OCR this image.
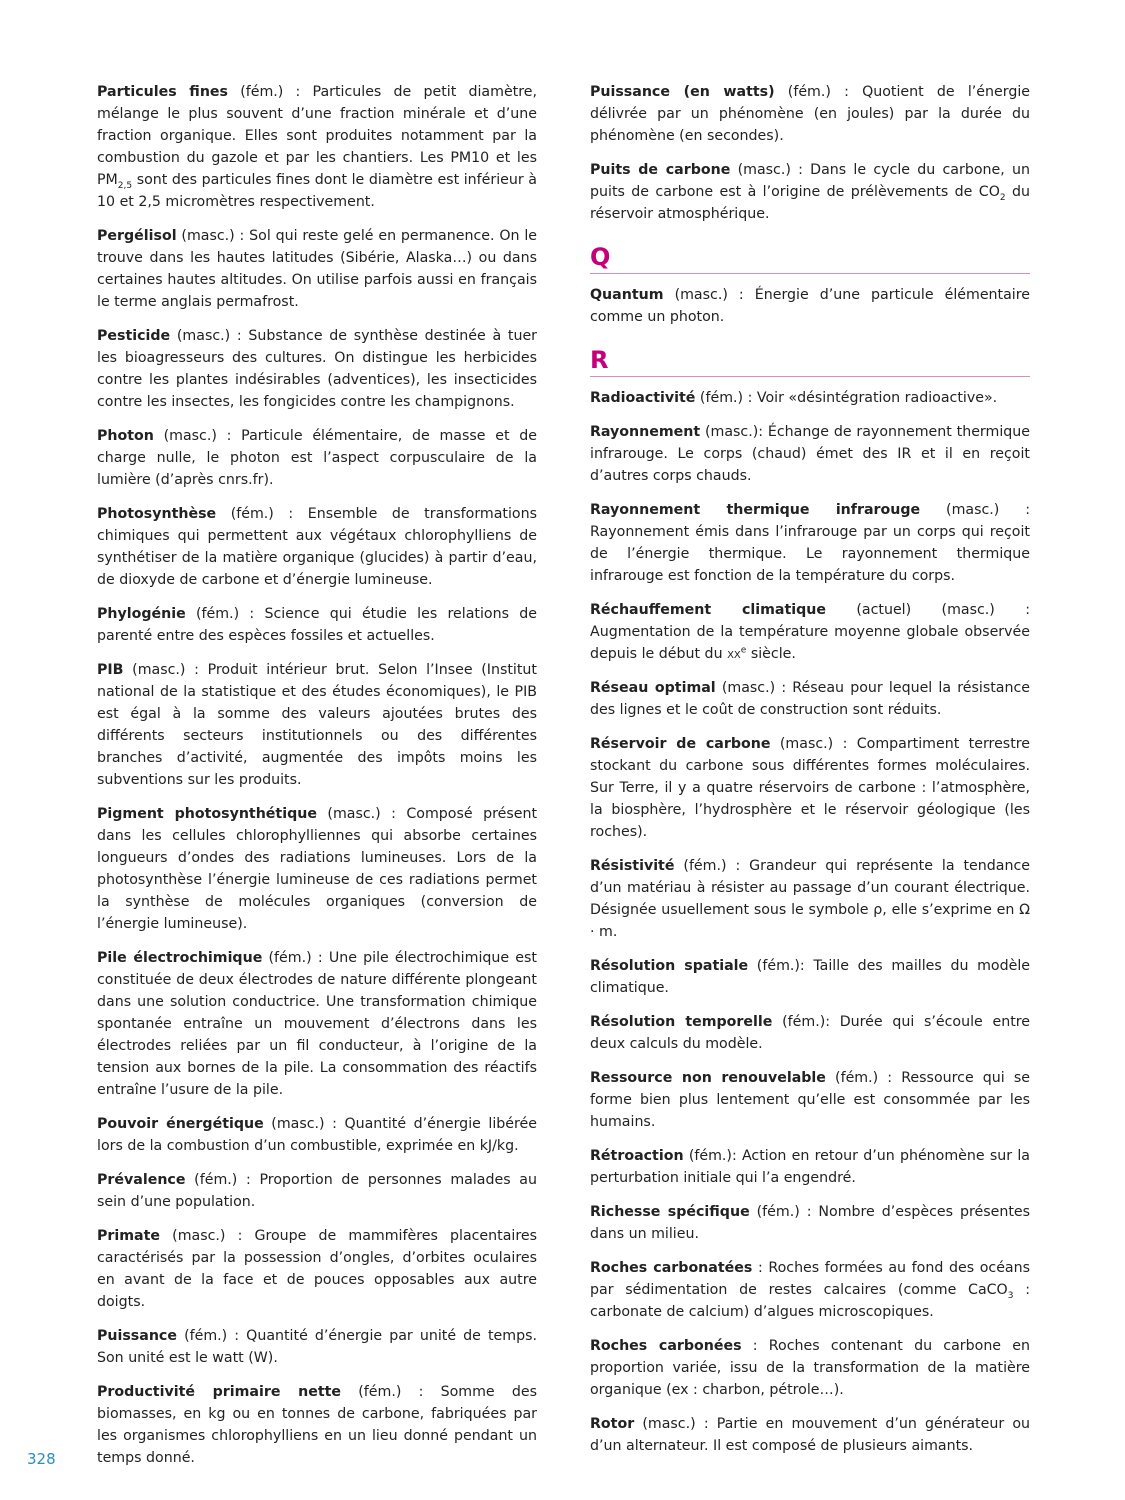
Particules fines (fém.) : Particules de petit diamètre, mélange le plus souvent d’une fraction minérale et d’une fraction organique. Elles sont produites notamment par la combustion du gazole et par les chantiers. Les PM10 et les $PM_{2,5}$ sont des particules fines dont le diamètre est inférieur à 10 et 2,5 micromètres respectivement.

Pergélisol (masc.) : Sol qui reste gelé en permanence. On le trouve dans les hautes latitudes (Sibérie, Alaska…) ou dans certaines hautes altitudes. On utilise parfois aussi en français le terme anglais permafrost.

Pesticide (masc.) : Substance de synthèse destinée à tuer les bioagresseurs des cultures. On distingue les herbicides contre les plantes indésirables (adventices), les insecticides contre les insectes, les fongicides contre les champignons.

Photon (masc.) : Particule élémentaire, de masse et de charge nulle, le photon est l’aspect corpusculaire de la lumière (d’après cnrs.fr).

Photosynthèse (fém.) : Ensemble de transformations chimiques qui permettent aux végétaux chlorophylliens de synthétiser de la matière organique (glucides) à partir d’eau, de dioxyde de carbone et d’énergie lumineuse.

Phylogénie (fém.) : Science qui étudie les relations de parenté entre des espèces fossiles et actuelles.

PIB (masc.) : Produit intérieur brut. Selon l’Insee (Institut national de la statistique et des études économiques), le PIB est égal à la somme des valeurs ajoutées brutes des différents secteurs institutionnels ou des différentes branches d’activité, augmentée des impôts moins les subventions sur les produits.

Pigment photosynthétique (masc.) : Composé présent dans les cellules chlorophylliennes qui absorbe certaines longueurs d’ondes des radiations lumineuses. Lors de la photosynthèse l’énergie lumineuse de ces radiations permet la synthèse de molécules organiques (conversion de l’énergie lumineuse).

Pile électrochimique (fém.) : Une pile électrochimique est constituée de deux électrodes de nature différente plongeant dans une solution conductrice. Une transformation chimique spontanée entraîne un mouvement d’électrons dans les électrodes reliées par un fil conducteur, à l’origine de la tension aux bornes de la pile. La consommation des réactifs entraîne l’usure de la pile.

Pouvoir énergétique (masc.) : Quantité d’énergie libérée lors de la combustion d’un combustible, exprimée en kJ/kg.

Prévalence (fém.) : Proportion de personnes malades au sein d’une population.

Primate (masc.) : Groupe de mammifères placentaires caractérisés par la possession d’ongles, d’orbites oculaires en avant de la face et de pouces opposables aux autre doigts.

Puissance (fém.) : Quantité d’énergie par unité de temps. Son unité est le watt (W).

Productivité primaire nette (fém.) : Somme des biomasses, en kg ou en tonnes de carbone, fabriquées par les organismes chlorophylliens en un lieu donné pendant un temps donné.

Puissance (en watts) (fém.) : Quotient de l’énergie délivrée par un phénomène (en joules) par la durée du phénomène (en secondes).

Puits de carbone (masc.) : Dans le cycle du carbone, un puits de carbone est à l’origine de prélèvements de $CO_2$ du réservoir atmosphérique.

Q

Quantum (masc.) : Énergie d’une particule élémentaire comme un photon.

R

Radioactivité (fém.) : Voir «désintégration radioactive».

Rayonnement (masc.): Échange de rayonnement thermique infrarouge. Le corps (chaud) émet des IR et il en reçoit d’autres corps chauds.

Rayonnement thermique infrarouge (masc.) : Rayonnement émis dans l’infrarouge par un corps qui reçoit de l’énergie thermique. Le rayonnement thermique infrarouge est fonction de la température du corps.

Réchauffement climatique (actuel) (masc.) : Augmentation de la température moyenne globale observée depuis le début du $xx^e$ siècle.

Réseau optimal (masc.) : Réseau pour lequel la résistance des lignes et le coût de construction sont réduits.

Réservoir de carbone (masc.) : Compartiment terrestre stockant du carbone sous différentes formes moléculaires. Sur Terre, il y a quatre réservoirs de carbone : l’atmosphère, la biosphère, l’hydrosphère et le réservoir géologique (les roches).

Résistivité (fém.) : Grandeur qui représente la tendance d’un matériau à résister au passage d’un courant électrique. Désignée usuellement sous le symbole ρ, elle s’exprime en Ω · m.

Résolution spatiale (fém.): Taille des mailles du modèle climatique.

Résolution temporelle (fém.): Durée qui s’écoule entre deux calculs du modèle.

Ressource non renouvelable (fém.) : Ressource qui se forme bien plus lentement qu’elle est consommée par les humains.

Rétroaction (fém.): Action en retour d’un phénomène sur la perturbation initiale qui l’a engendré.

Richesse spécifique (fém.) : Nombre d’espèces présentes dans un milieu.

Roches carbonatées : Roches formées au fond des océans par sédimentation de restes calcaires (comme CaCO$_3$ : carbonate de calcium) d’algues microscopiques.

Roches carbonées : Roches contenant du carbone en proportion variée, issu de la transformation de la matière organique (ex : charbon, pétrole…).

Rotor (masc.) : Partie en mouvement d’un générateur ou d’un alternateur. Il est composé de plusieurs aimants.

328
